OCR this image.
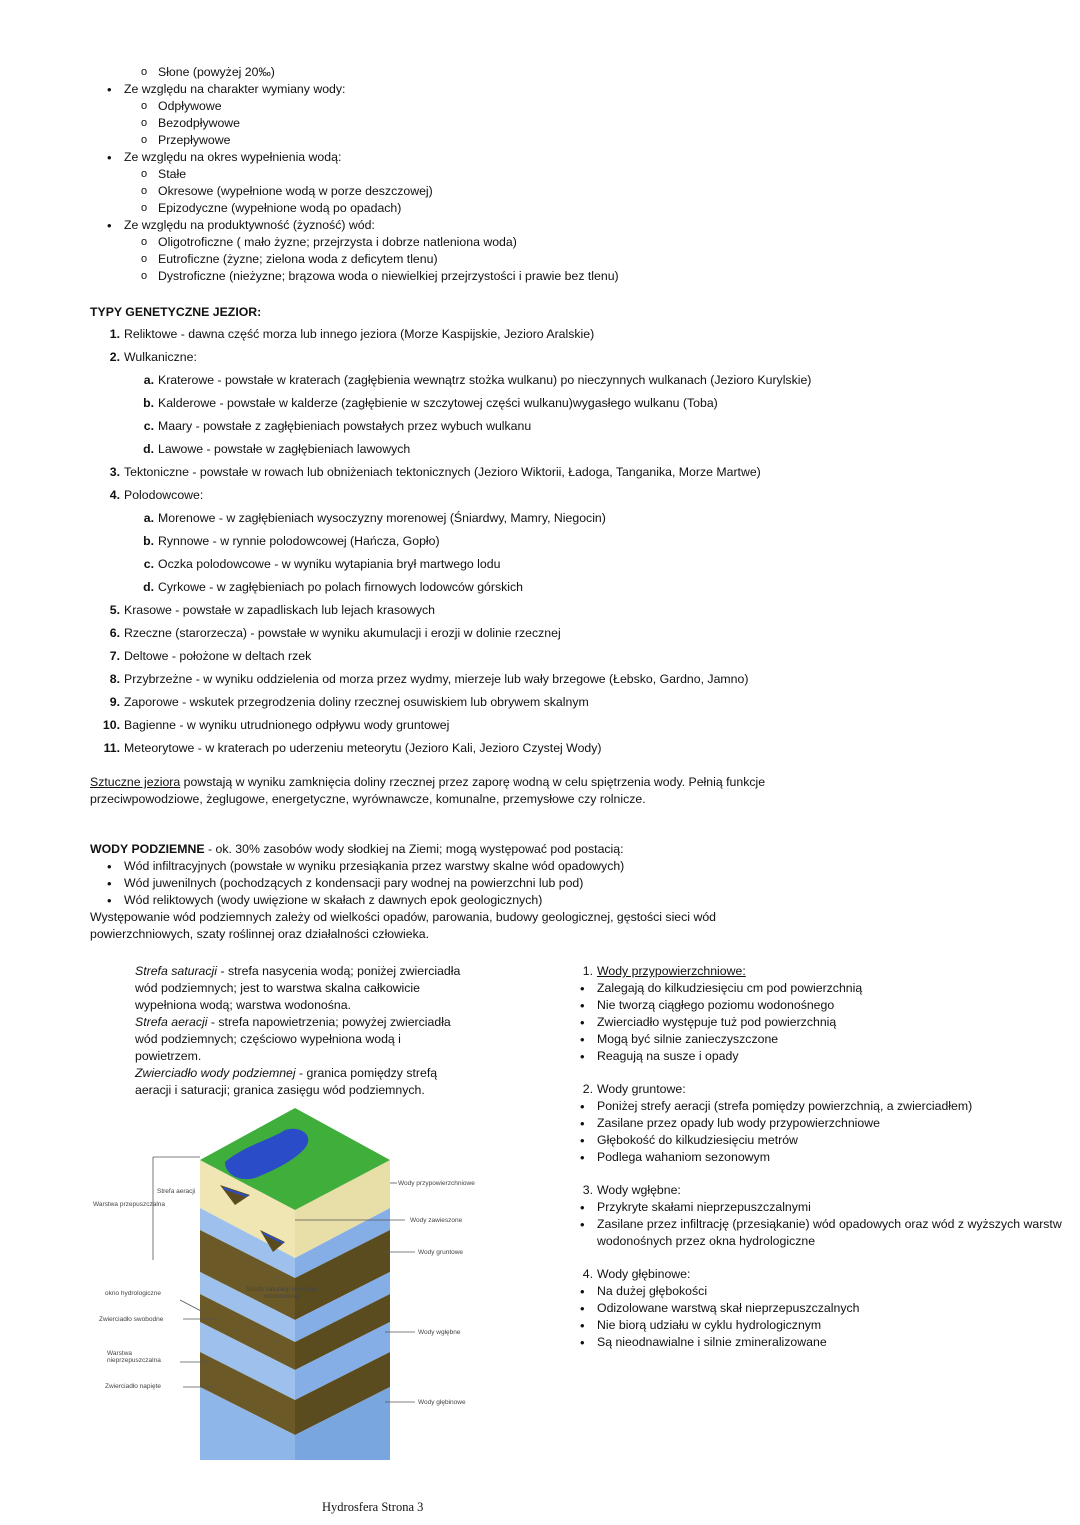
o Słone (powyżej 20‰)
• Ze względu na charakter wymiany wody:
o Odpływowe
o Bezodpływowe
o Przepływowe
• Ze względu na okres wypełnienia wodą:
o Stałe
o Okresowe (wypełnione wodą w porze deszczowej)
o Epizodyczne (wypełnione wodą po opadach)
• Ze względu na produktywność (żyzność) wód:
o Oligotroficzne ( mało żyzne; przejrzysta i dobrze natleniona woda)
o Eutroficzne (żyzne; zielona woda z deficytem tlenu)
o Dystroficzne (nieżyzne; brązowa woda o niewielkiej przejrzystości i prawie bez tlenu)
TYPY GENETYCZNE JEZIOR:
1. Reliktowe - dawna część morza lub innego jeziora (Morze Kaspijskie, Jezioro Aralskie)
2. Wulkaniczne:
a. Kraterowe - powstałe w kraterach (zagłębienia wewnątrz stożka wulkanu) po nieczynnych wulkanach (Jezioro Kurylskie)
b. Kalderowe - powstałe w kalderze (zagłębienie w szczytowej części wulkanu)wygasłego wulkanu (Toba)
c. Maary - powstałe z zagłębieniach powstałych przez wybuch wulkanu
d. Lawowe - powstałe w zagłębieniach lawowych
3. Tektoniczne - powstałe w rowach lub obniżeniach tektonicznych (Jezioro Wiktorii, Ładoga, Tanganika, Morze Martwe)
4. Polodowcowe:
a. Morenowe - w zagłębieniach wysoczyzny morenowej (Śniardwy, Mamry, Niegocin)
b. Rynnowe - w rynnie polodowcowej (Hańcza, Gopło)
c. Oczka polodowcowe - w wyniku wytapiania brył martwego lodu
d. Cyrkowe - w zagłębieniach po polach firnowych lodowców górskich
5. Krasowe - powstałe w zapadliskach lub lejach krasowych
6. Rzeczne (starorzecza) - powstałe w wyniku akumulacji i erozji w dolinie rzecznej
7. Deltowe - położone w deltach rzek
8. Przybrzeżne - w wyniku oddzielenia od morza przez wydmy, mierzeje lub wały brzegowe (Łebsko, Gardno, Jamno)
9. Zaporowe - wskutek przegrodzenia doliny rzecznej osuwiskiem lub obrywem skalnym
10. Bagienne - w wyniku utrudnionego odpływu wody gruntowej
11. Meteorytowe - w kraterach po uderzeniu meteorytu (Jezioro Kali, Jezioro Czystej Wody)
Sztuczne jeziora powstają w wyniku zamknięcia doliny rzecznej przez zaporę wodną w celu spiętrzenia wody. Pełnią funkcje
przeciwpowodziowe, żeglugowe, energetyczne, wyrównawcze, komunalne, przemysłowe czy rolnicze.
WODY PODZIEMNE - ok. 30% zasobów wody słodkiej na Ziemi; mogą występować pod postacią:
• Wód infiltracyjnych (powstałe w wyniku przesiąkania przez warstwy skalne wód opadowych)
• Wód juwenilnych (pochodzących z kondensacji pary wodnej na powierzchni lub pod)
• Wód reliktowych (wody uwięzione w skałach z dawnych epok geologicznych)
Występowanie wód podziemnych zależy od wielkości opadów, parowania, budowy geologicznej, gęstości sieci wód
powierzchniowych, szaty roślinnej oraz działalności człowieka.
Strefa saturacji - strefa nasycenia wodą; poniżej zwierciadła
wód podziemnych; jest to warstwa skalna całkowicie
wypełniona wodą; warstwa wodonośna.
Strefa aeracji - strefa napowietrzenia; powyżej zwierciadła
wód podziemnych; częściowo wypełniona wodą i
powietrzem.
Zwierciadło wody podziemnej - granica pomiędzy strefą
aeracji i saturacji; granica zasięgu wód podziemnych.
Warstwa przepuszczalna
Strefa aeracji
okno hydrologiczne
Zwierciadło swobodne
Warstwa nieprzepuszczalna
Zwierciadło napięte
Strefa saturacji (warstwa wodonośna)
Wody przypowierzchniowe
Wody zawieszone
Wody gruntowe
Wody wgłębne
Wody głębinowe
1. Wody przypowierzchniowe:
• Zalegają do kilkudziesięciu cm pod powierzchnią
• Nie tworzą ciągłego poziomu wodonośnego
• Zwierciadło występuje tuż pod powierzchnią
• Mogą być silnie zanieczyszczone
• Reagują na susze i opady
2. Wody gruntowe:
• Poniżej strefy aeracji (strefa pomiędzy powierzchnią, a zwierciadłem)
• Zasilane przez opady lub wody przypowierzchniowe
• Głębokość do kilkudziesięciu metrów
• Podlega wahaniom sezonowym
3. Wody wgłębne:
• Przykryte skałami nieprzepuszczalnymi
• Zasilane przez infiltrację (przesiąkanie) wód opadowych oraz wód z wyższych warstw
wodonośnych przez okna hydrologiczne
4. Wody głębinowe:
• Na dużej głębokości
• Odizolowane warstwą skał nieprzepuszczalnych
• Nie biorą udziału w cyklu hydrologicznym
• Są nieodnawialne i silnie zmineralizowane
Hydrosfera Strona 3
